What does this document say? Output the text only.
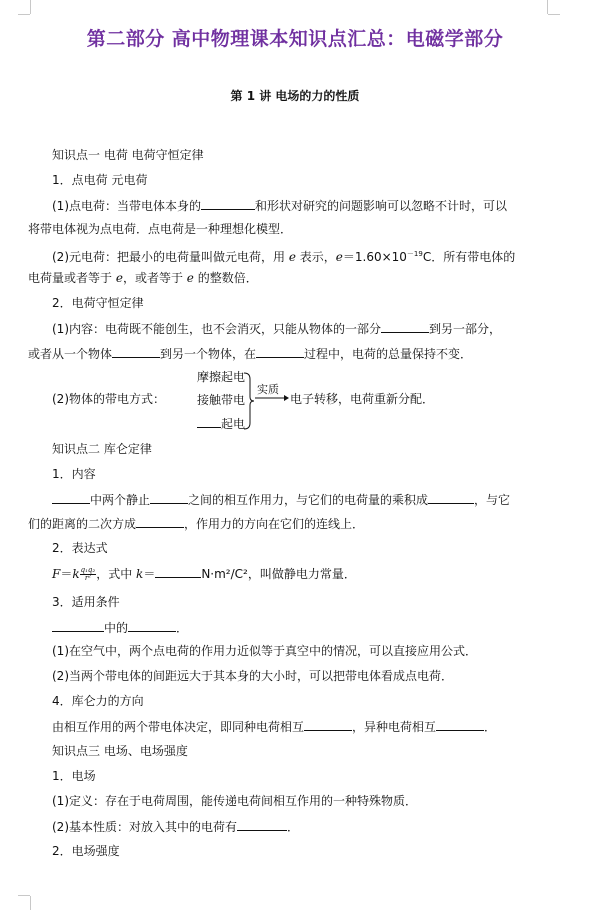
第二部分 高中物理课本知识点汇总：电磁学部分
第 1 讲 电场的力的性质
知识点一 电荷 电荷守恒定律
1．点电荷 元电荷
(1)点电荷：当带电体本身的	和形状对研究的问题影响可以忽略不计时，可以
将带电体视为点电荷．点电荷是一种理想化模型．
(2)元电荷：把最小的电荷量叫做元电荷，用 e 表示，$e=1.60\times 10^{-19}C$．所有带电体的
电荷量或者等于 e，或者等于 e 的整数倍．
2．电荷守恒定律
(1)内容：电荷既不能创生，也不会消灭，只能从物体的一部分	到另一部分，
或者从一个物体	到另一个物体，在	过程中，电荷的总量保持不变．
(2)物体的带电方式：
摩擦起电
接触带电
起电
实质
电子转移，电荷重新分配．
知识点二 库仑定律
1．内容
中两个静止	之间的相互作用力，与它们的电荷量的乘积成	，与它
们的距离的二次方成	，作用力的方向在它们的连线上．
2．表达式
$F=k \frac{\text{q₁q₂}}{\text{r²}}$ ，式中 k＝	N·m²/C²，叫做静电力常量．
3．适用条件
中的	．
(1)在空气中，两个点电荷的作用力近似等于真空中的情况，可以直接应用公式．
(2)当两个带电体的间距远大于其本身的大小时，可以把带电体看成点电荷．
4．库仑力的方向
由相互作用的两个带电体决定，即同种电荷相互	，异种电荷相互	．
知识点三 电场、电场强度
1．电场
(1)定义：存在于电荷周围，能传递电荷间相互作用的一种特殊物质．
(2)基本性质：对放入其中的电荷有	．
2．电场强度
